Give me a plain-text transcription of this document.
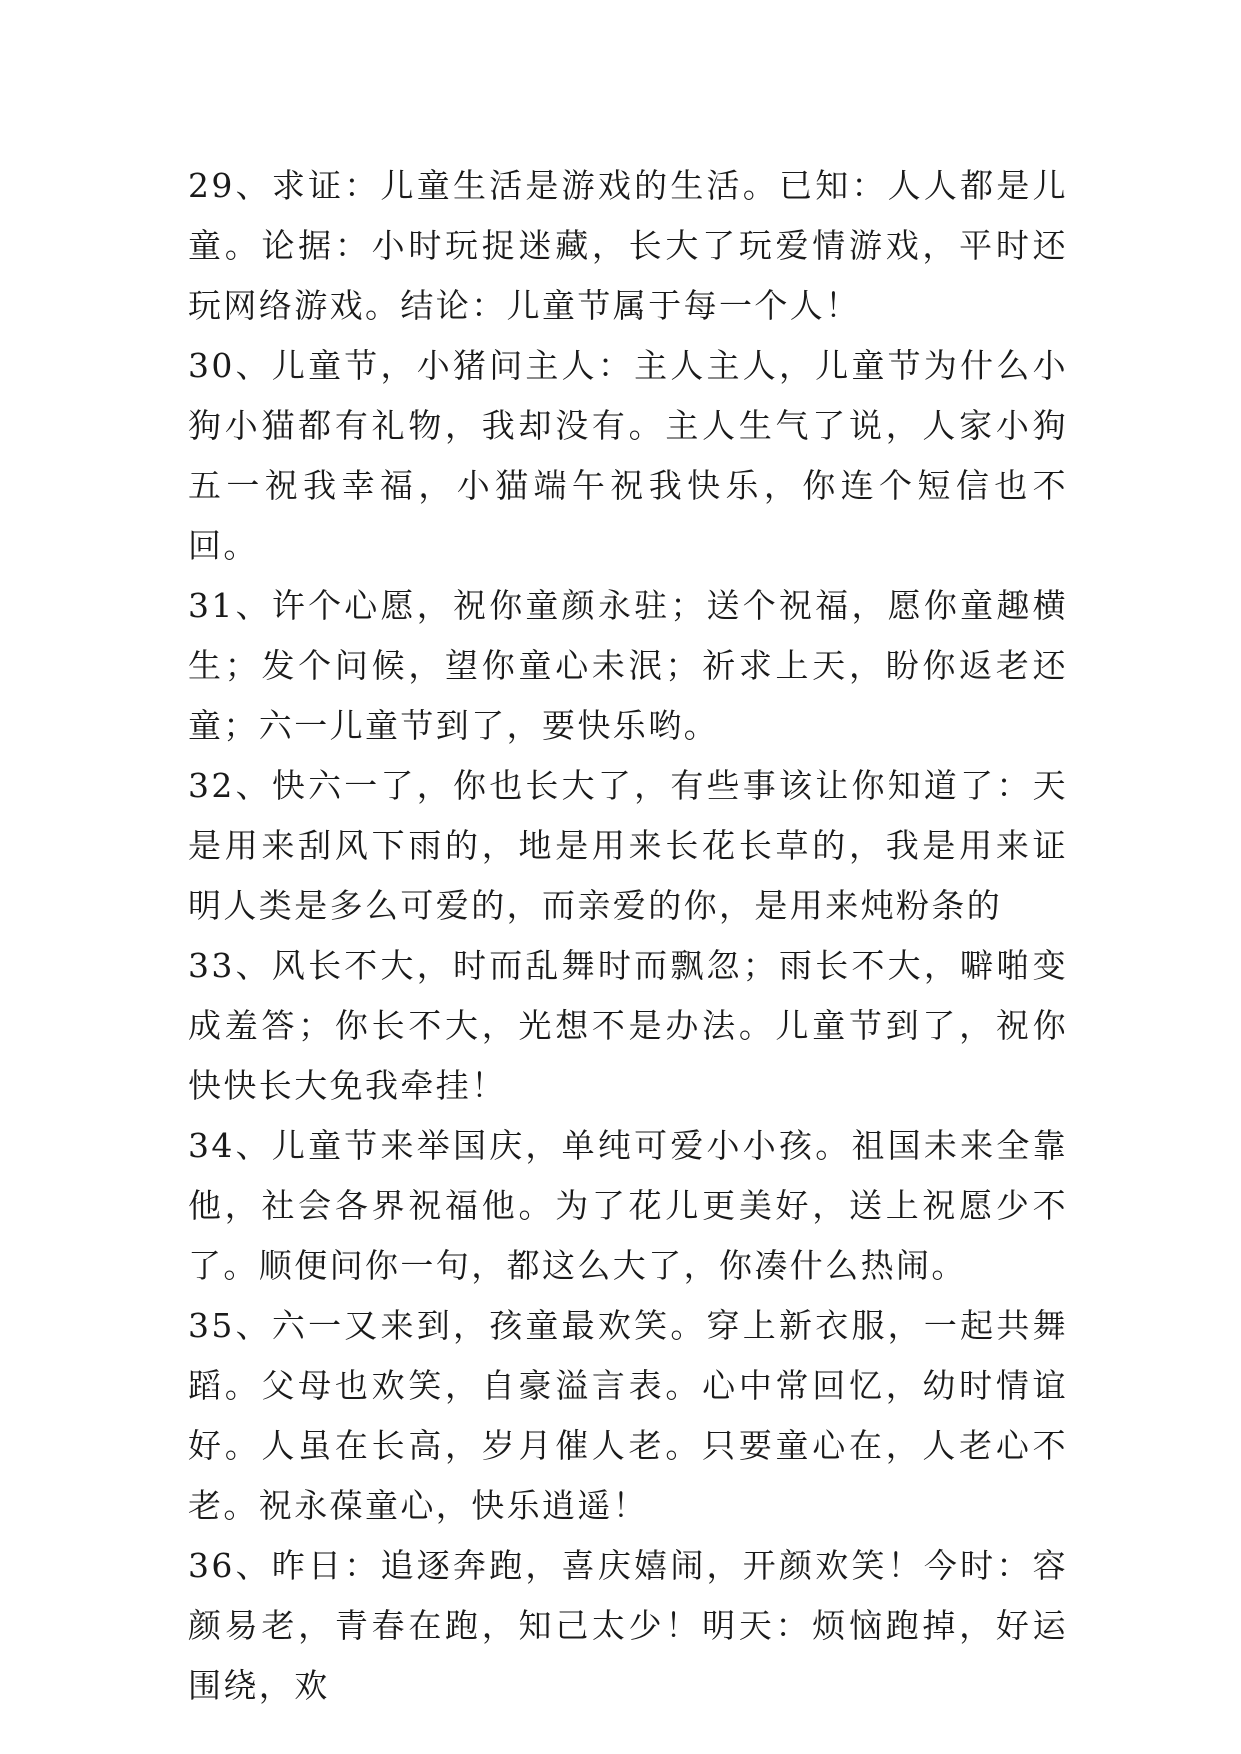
29、求证：儿童生活是游戏的生活。已知：人人都是儿童。论据：小时玩捉迷藏，长大了玩爱情游戏，平时还玩网络游戏。结论：儿童节属于每一个人！

30、儿童节，小猪问主人：主人主人，儿童节为什么小狗小猫都有礼物，我却没有。主人生气了说，人家小狗五一祝我幸福，小猫端午祝我快乐，你连个短信也不回。

31、许个心愿，祝你童颜永驻；送个祝福，愿你童趣横生；发个问候，望你童心未泯；祈求上天，盼你返老还童；六一儿童节到了，要快乐哟。

32、快六一了，你也长大了，有些事该让你知道了：天是用来刮风下雨的，地是用来长花长草的，我是用来证明人类是多么可爱的，而亲爱的你，是用来炖粉条的

33、风长不大，时而乱舞时而飘忽；雨长不大，噼啪变成羞答；你长不大，光想不是办法。儿童节到了，祝你快快长大免我牵挂！

34、儿童节来举国庆，单纯可爱小小孩。祖国未来全靠他，社会各界祝福他。为了花儿更美好，送上祝愿少不了。顺便问你一句，都这么大了，你凑什么热闹。

35、六一又来到，孩童最欢笑。穿上新衣服，一起共舞蹈。父母也欢笑，自豪溢言表。心中常回忆，幼时情谊好。人虽在长高，岁月催人老。只要童心在，人老心不老。祝永葆童心，快乐逍遥！

36、昨日：追逐奔跑，喜庆嬉闹，开颜欢笑！今时：容颜易老，青春在跑，知己太少！明天：烦恼跑掉，好运围绕，欢
